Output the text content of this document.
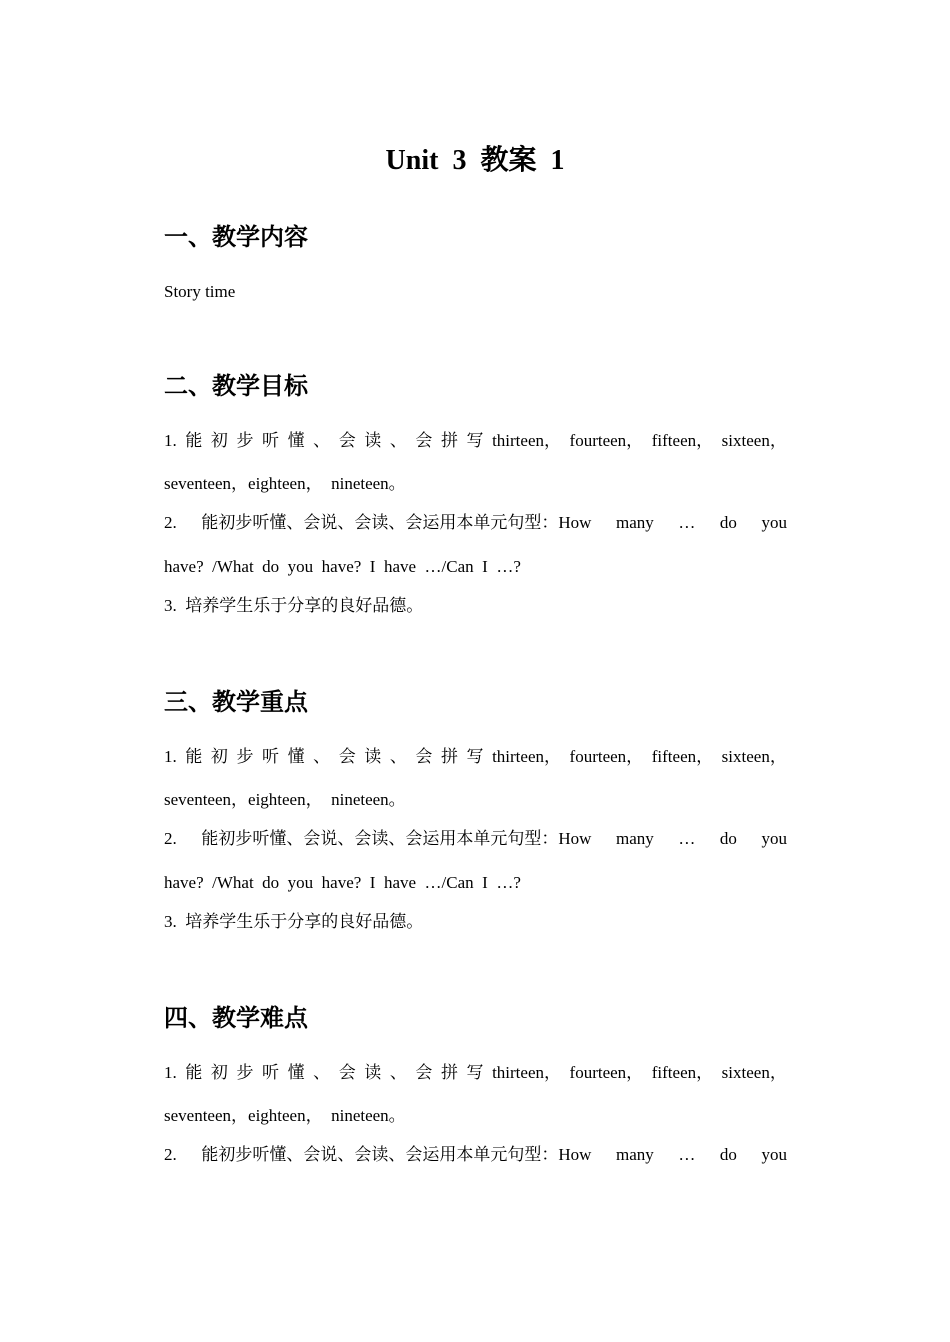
Unit  3  教案  1
一、教学内容
Story time
二、教学目标
1. 能 初 步 听 懂 、 会 读 、 会 拼 写 thirteen， fourteen， fifteen， sixteen，
seventeen，eighteen，  nineteen。
2. 能初步听懂、会说、会读、会运用本单元句型：How many … do you
have?  /What  do  you  have?  I  have  …/Can  I  …?
3.  培养学生乐于分享的良好品德。
三、教学重点
1. 能 初 步 听 懂 、 会 读 、 会 拼 写 thirteen， fourteen， fifteen， sixteen，
seventeen，eighteen，  nineteen。
2. 能初步听懂、会说、会读、会运用本单元句型：How many … do you
have?  /What  do  you  have?  I  have  …/Can  I  …?
3.  培养学生乐于分享的良好品德。
四、教学难点
1. 能 初 步 听 懂 、 会 读 、 会 拼 写 thirteen， fourteen， fifteen， sixteen，
seventeen，eighteen，  nineteen。
2. 能初步听懂、会说、会读、会运用本单元句型：How many … do you
